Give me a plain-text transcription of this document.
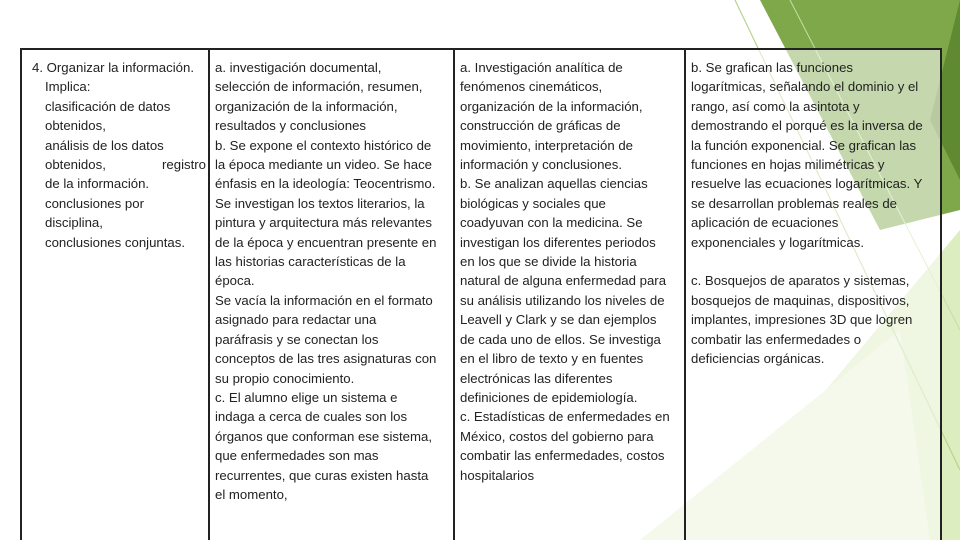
4. Organizar la información.
Implica:
clasificación de datos
obtenidos,
análisis de los datos
obtenidos,	registro
de la información.
conclusiones por
disciplina,
conclusiones conjuntas.
a. investigación documental,
selección de información, resumen,
organización de la información,
resultados y conclusiones
b. Se expone el contexto histórico de
la época mediante un video. Se hace
énfasis en la ideología: Teocentrismo.
Se investigan los textos literarios, la
pintura y arquitectura más relevantes
de la época y encuentran presente en
las historias características de la
época.
Se vacía la información en el formato
asignado para redactar una
paráfrasis y se conectan los
conceptos de las tres asignaturas con
su propio conocimiento.
c. El alumno elige un sistema e
indaga a cerca de cuales son los
órganos que conforman ese sistema,
que enfermedades son mas
recurrentes, que curas existen hasta
el momento,
a. Investigación analítica de
fenómenos cinemáticos,
organización de la información,
construcción de gráficas de
movimiento, interpretación de
información y conclusiones.
b. Se analizan aquellas ciencias
biológicas y sociales que
coadyuvan con la medicina. Se
investigan los diferentes periodos
en los que se divide la historia
natural de alguna enfermedad para
su análisis utilizando los niveles de
Leavell y Clark y se dan ejemplos
de cada uno de ellos. Se investiga
en el libro de texto y en fuentes
electrónicas las diferentes
definiciones de epidemiología.
c. Estadísticas de enfermedades en
México, costos del gobierno para
combatir las enfermedades, costos
hospitalarios
b. Se grafican las funciones
logarítmicas, señalando el dominio y el
rango, así como la asintota y
demostrando el porqué es la inversa de
la función exponencial. Se grafican las
funciones en hojas milimétricas y
resuelve las ecuaciones logarítmicas. Y
se desarrollan problemas reales de
aplicación de ecuaciones
exponenciales y logarítmicas.

c. Bosquejos de aparatos y sistemas,
bosquejos de maquinas, dispositivos,
implantes, impresiones 3D que logren
combatir las enfermedades o
deficiencias orgánicas.
